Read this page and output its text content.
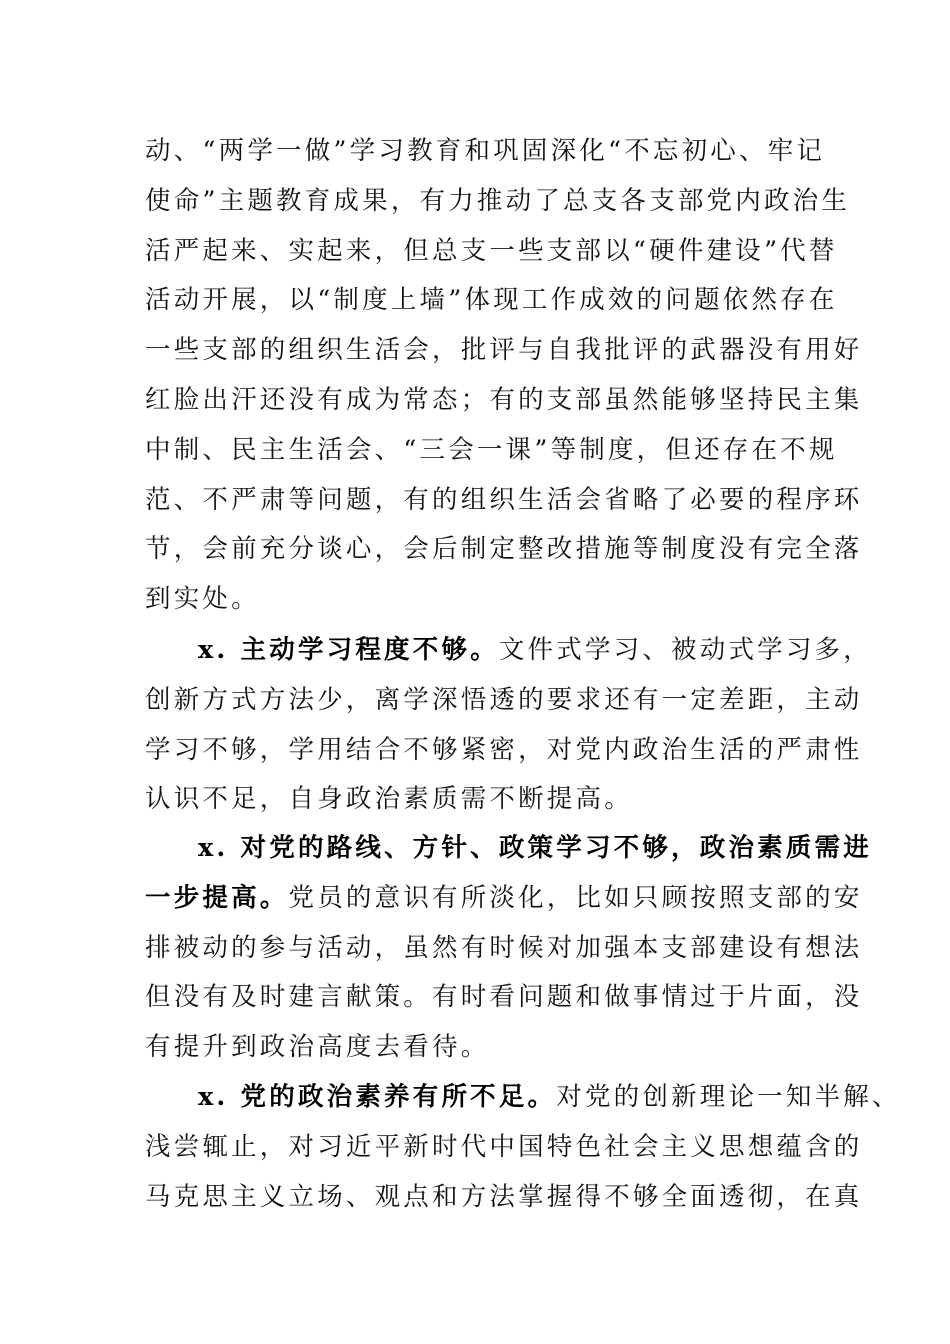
动、“两学一做”学习教育和巩固深化“不忘初心、牢记
使命”主题教育成果，有力推动了总支各支部党内政治生
活严起来、实起来，但总支一些支部以“硬件建设”代替
活动开展，以“制度上墙”体现工作成效的问题依然存在
一些支部的组织生活会，批评与自我批评的武器没有用好
红脸出汗还没有成为常态；有的支部虽然能够坚持民主集
中制、民主生活会、“三会一课”等制度，但还存在不规
范、不严肃等问题，有的组织生活会省略了必要的程序环
节，会前充分谈心，会后制定整改措施等制度没有完全落
到实处。
x. 主动学习程度不够。文件式学习、被动式学习多，
创新方式方法少，离学深悟透的要求还有一定差距，主动
学习不够，学用结合不够紧密，对党内政治生活的严肃性
认识不足，自身政治素质需不断提高。
x. 对党的路线、方针、政策学习不够，政治素质需进
一步提高。党员的意识有所淡化，比如只顾按照支部的安
排被动的参与活动，虽然有时候对加强本支部建设有想法
但没有及时建言献策。有时看问题和做事情过于片面，没
有提升到政治高度去看待。
x. 党的政治素养有所不足。对党的创新理论一知半解、
浅尝辄止，对习近平新时代中国特色社会主义思想蕴含的
马克思主义立场、观点和方法掌握得不够全面透彻，在真
